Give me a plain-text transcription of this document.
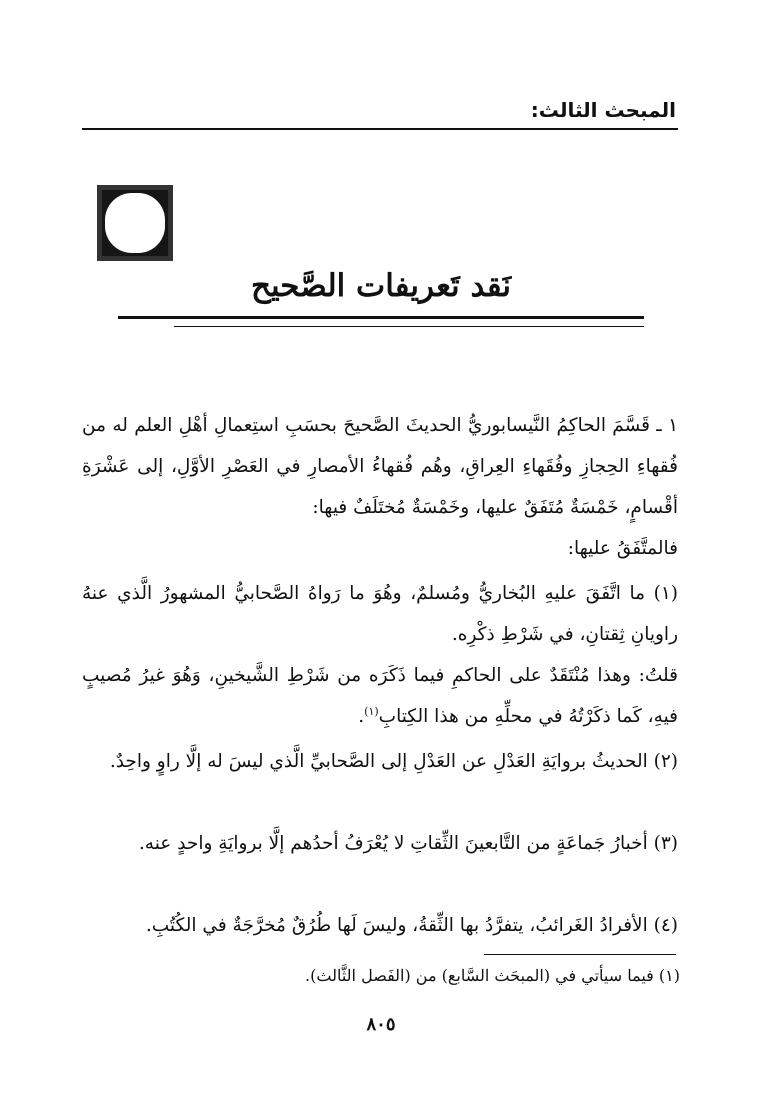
المبحث الثالث:
نَقد تَعريفات الصَّحيح

١ ـ قَسَّمَ الحاكِمُ النَّيسابوريُّ الحديثَ الصَّحيحَ بحسَبِ استِعمالِ أهْلِ العلم له من فُقهاءِ الحِجازِ وفُقَهاءِ العِراقِ، وهُم فُقهاءُ الأمصارِ في العَصْرِ الأوَّلِ، إلى عَشْرَةِ أقْسامٍ، خَمْسَةٌ مُتَفَقٌ عليها، وخَمْسَةٌ مُختَلَفٌ فيها:

فالمتَّفَقُ عليها:

(١) ما اتَّفَقَ عليهِ البُخاريُّ ومُسلمٌ، وهُوَ ما رَواهُ الصَّحابيُّ المشهورُ الَّذي عنهُ راويانِ ثِقتانِ، في شَرْطِ ذكْرِه.

قلتُ: وهذا مُنْتَقَدٌ على الحاكمِ فيما ذَكَرَه من شَرْطِ الشَّيخينِ، وَهُوَ غيرُ مُصيبٍ فيهِ، كَما ذكَرْتُهُ في محلِّهِ من هذا الكِتابِ$^{(١)}$.

(٢) الحديثُ بروايَةِ العَدْلِ عن العَدْلِ إلى الصَّحابيِّ الَّذي ليسَ له إلَّا راوٍ واحِدٌ.

(٣) أخبارُ جَماعَةٍ من التَّابعينَ الثِّقاتِ لا يُعْرَفُ أحدُهم إلَّا بروايَةِ واحدٍ عنه.

(٤) الأفرادُ الغَرائبُ، يتفرَّدُ بها الثِّقةُ، وليسَ لَها طُرُقٌ مُخرَّجَةٌ في الكُتُبِ.

(١) فيما سيأتي في (المبحَث السَّابع) من (الفَصل الثَّالث).
٨٠٥
